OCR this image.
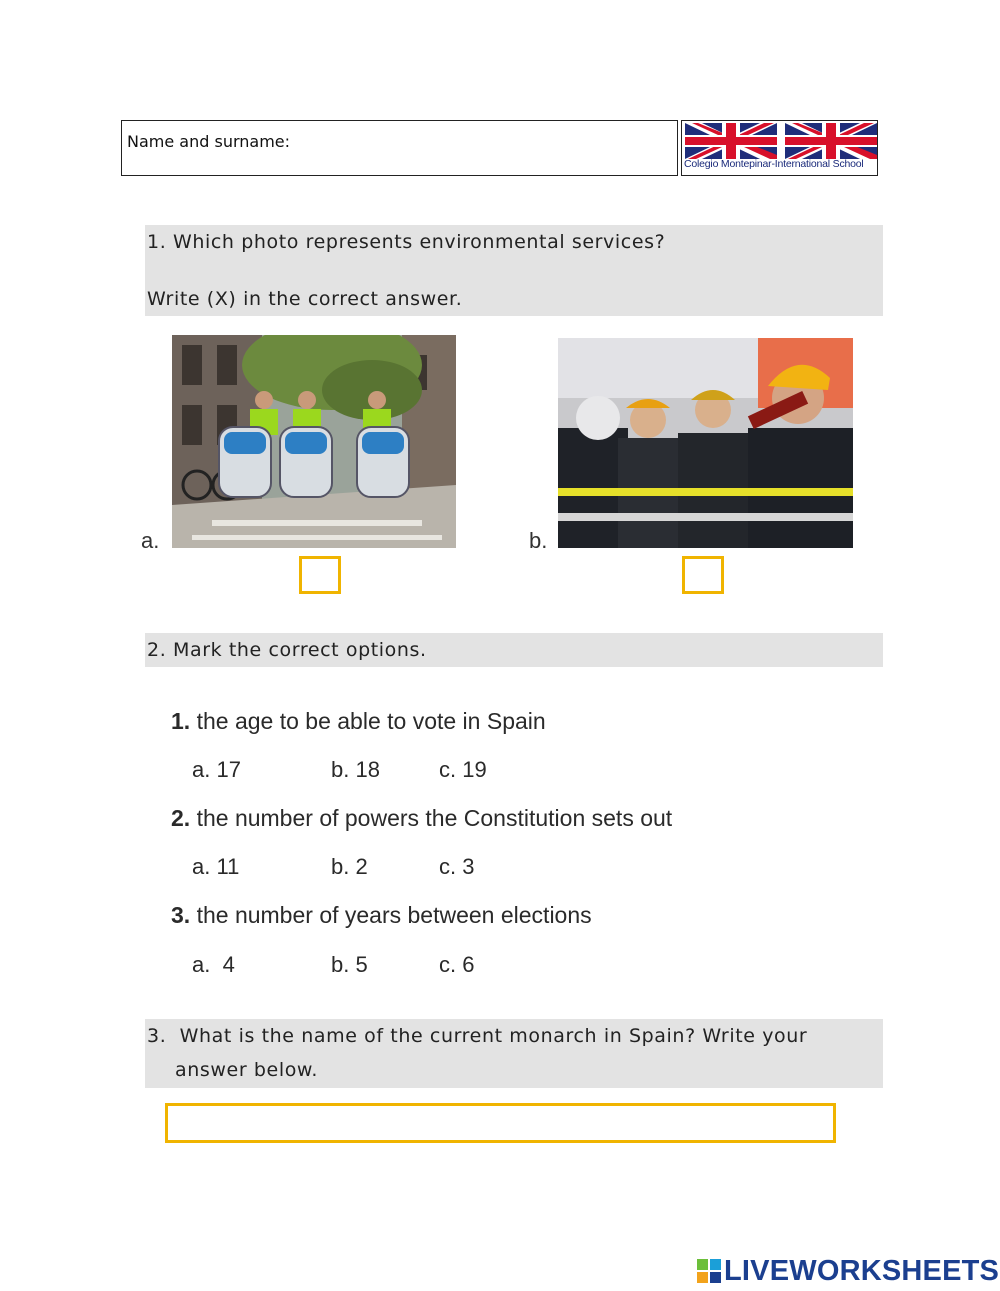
Name and surname:
Colegio Montepinar-International School
1. Which photo represents environmental services?
Write (X) in the correct answer.
a.	b.
2. Mark the correct options.
1. the age to be able to vote in Spain
a. 17	b. 18	c. 19
2. the number of powers the Constitution sets out
a. 11	b. 2	c. 3
3. the number of years between elections
a.  4	b. 5	c. 6
3.  What is the name of the current monarch in Spain? Write your
answer below.
LIVEWORKSHEETS
